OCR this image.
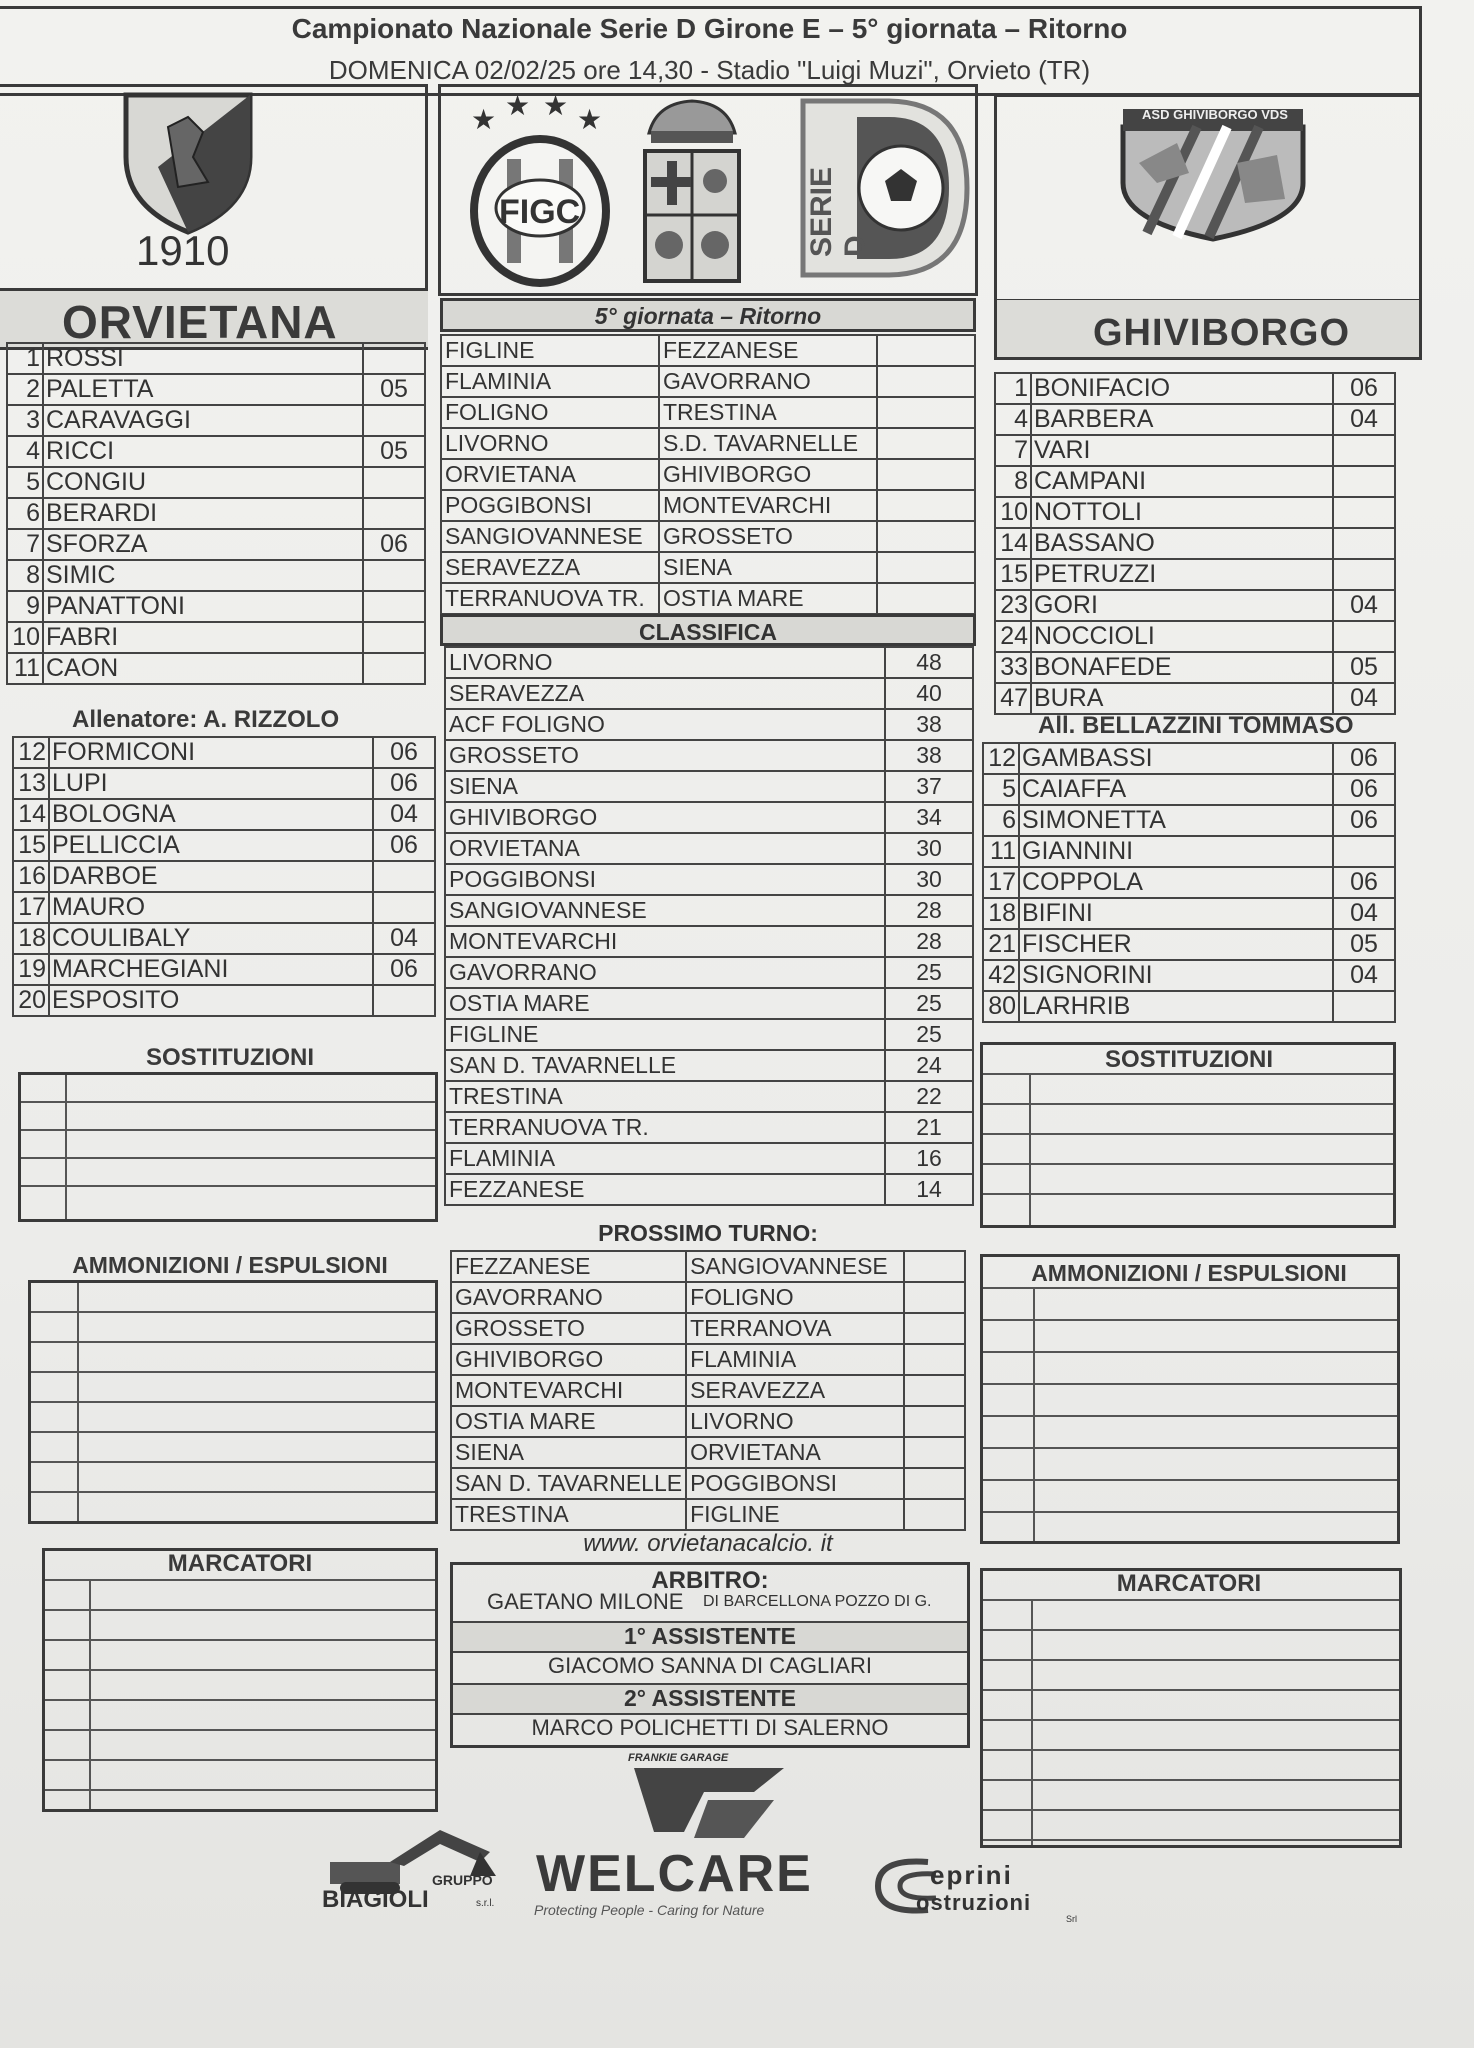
Campionato Nazionale Serie D Girone E – 5° giornata – Ritorno
DOMENICA 02/02/25 ore 14,30 - Stadio "Luigi Muzi", Orvieto (TR)
1910
ORVIETANA
1	ROSSI	
2	PALETTA	05
3	CARAVAGGI	
4	RICCI	05
5	CONGIU	
6	BERARDI	
7	SFORZA	06
8	SIMIC	
9	PANATTONI	
10	FABRI	
11	CAON	
Allenatore: A. RIZZOLO
12	FORMICONI	06
13	LUPI	06
14	BOLOGNA	04
15	PELLICCIA	06
16	DARBOE	
17	MAURO	
18	COULIBALY	04
19	MARCHEGIANI	06
20	ESPOSITO	
★ ★ ★ ★
FIGC	SERIE D
ASD GHIVIBORGO VDS
GHIVIBORGO
1	BONIFACIO	06
4	BARBERA	04
7	VARI	
8	CAMPANI	
10	NOTTOLI	
14	BASSANO	
15	PETRUZZI	
23	GORI	04
24	NOCCIOLI	
33	BONAFEDE	05
47	BURA	04
All. BELLAZZINI TOMMASO
12	GAMBASSI	06
5	CAIAFFA	06
6	SIMONETTA	06
11	GIANNINI	
17	COPPOLA	06
18	BIFINI	04
21	FISCHER	05
42	SIGNORINI	04
80	LARHRIB	
5° giornata – Ritorno
FIGLINE	FEZZANESE	
FLAMINIA	GAVORRANO	
FOLIGNO	TRESTINA	
LIVORNO	S.D. TAVARNELLE	
ORVIETANA	GHIVIBORGO	
POGGIBONSI	MONTEVARCHI	
SANGIOVANNESE	GROSSETO	
SERAVEZZA	SIENA	
TERRANUOVA TR.	OSTIA MARE	
CLASSIFICA
LIVORNO	48
SERAVEZZA	40
ACF FOLIGNO	38
GROSSETO	38
SIENA	37
GHIVIBORGO	34
ORVIETANA	30
POGGIBONSI	30
SANGIOVANNESE	28
MONTEVARCHI	28
GAVORRANO	25
OSTIA MARE	25
FIGLINE	25
SAN D. TAVARNELLE	24
TRESTINA	22
TERRANUOVA TR.	21
FLAMINIA	16
FEZZANESE	14
PROSSIMO TURNO:
FEZZANESE	SANGIOVANNESE	
GAVORRANO	FOLIGNO	
GROSSETO	TERRANOVA	
GHIVIBORGO	FLAMINIA	
MONTEVARCHI	SERAVEZZA	
OSTIA MARE	LIVORNO	
SIENA	ORVIETANA	
SAN D. TAVARNELLE	POGGIBONSI	
TRESTINA	FIGLINE	
www. orvietanacalcio. it
ARBITRO:
GAETANO MILONE DI BARCELLONA POZZO DI G.
1° ASSISTENTE
GIACOMO SANNA DI CAGLIARI
2° ASSISTENTE
MARCO POLICHETTI DI SALERNO
SOSTITUZIONI
AMMONIZIONI / ESPULSIONI
MARCATORI
SOSTITUZIONI
AMMONIZIONI / ESPULSIONI
MARCATORI
FRANKIE GARAGE
GRUPPO
BIAGIOLI	s.r.l.
WELCARE
Protecting People - Caring for Nature
eprini
ostruzioni
Srl
